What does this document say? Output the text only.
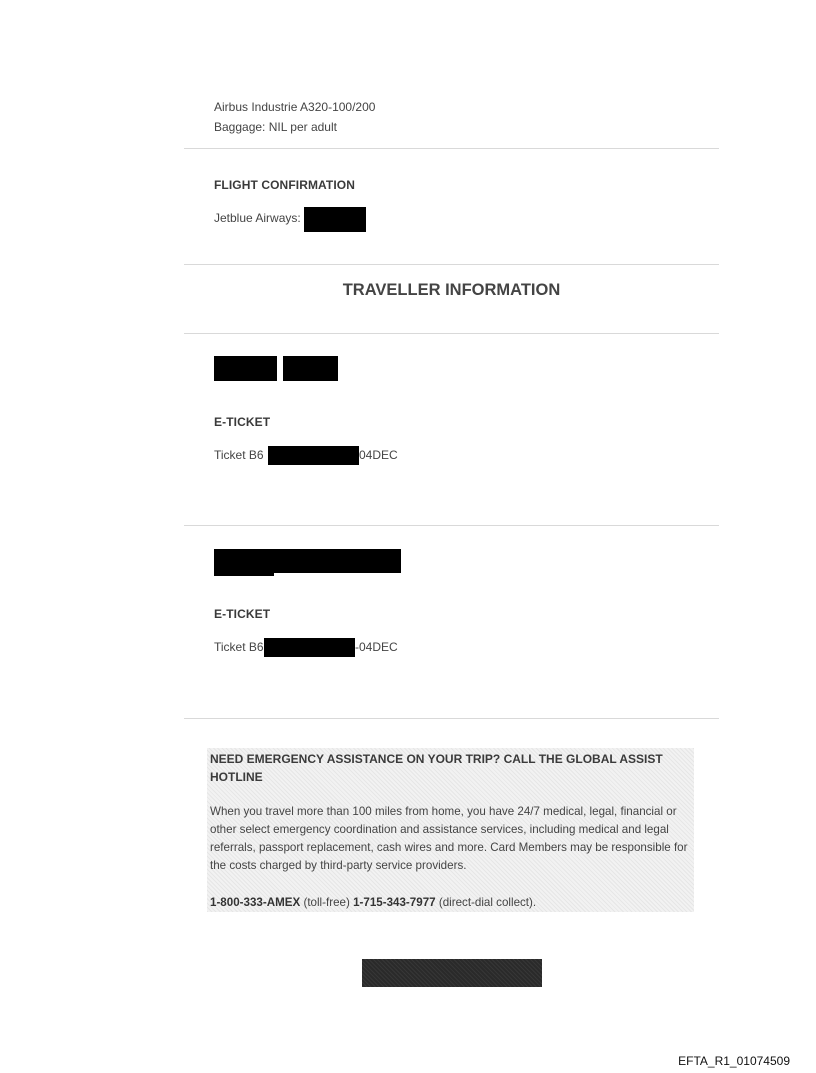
Airbus Industrie A320-100/200
Baggage: NIL per adult
FLIGHT CONFIRMATION
Jetblue Airways:
TRAVELLER INFORMATION
E-TICKET
Ticket B6	04DEC
E-TICKET
Ticket B6	-04DEC
NEED EMERGENCY ASSISTANCE ON YOUR TRIP? CALL THE GLOBAL ASSIST HOTLINE
When you travel more than 100 miles from home, you have 24/7 medical, legal, financial or other select emergency coordination and assistance services, including medical and legal referrals, passport replacement, cash wires and more. Card Members may be responsible for the costs charged by third-party service providers.
1-800-333-AMEX (toll-free) 1-715-343-7977 (direct-dial collect).
EFTA_R1_01074509
